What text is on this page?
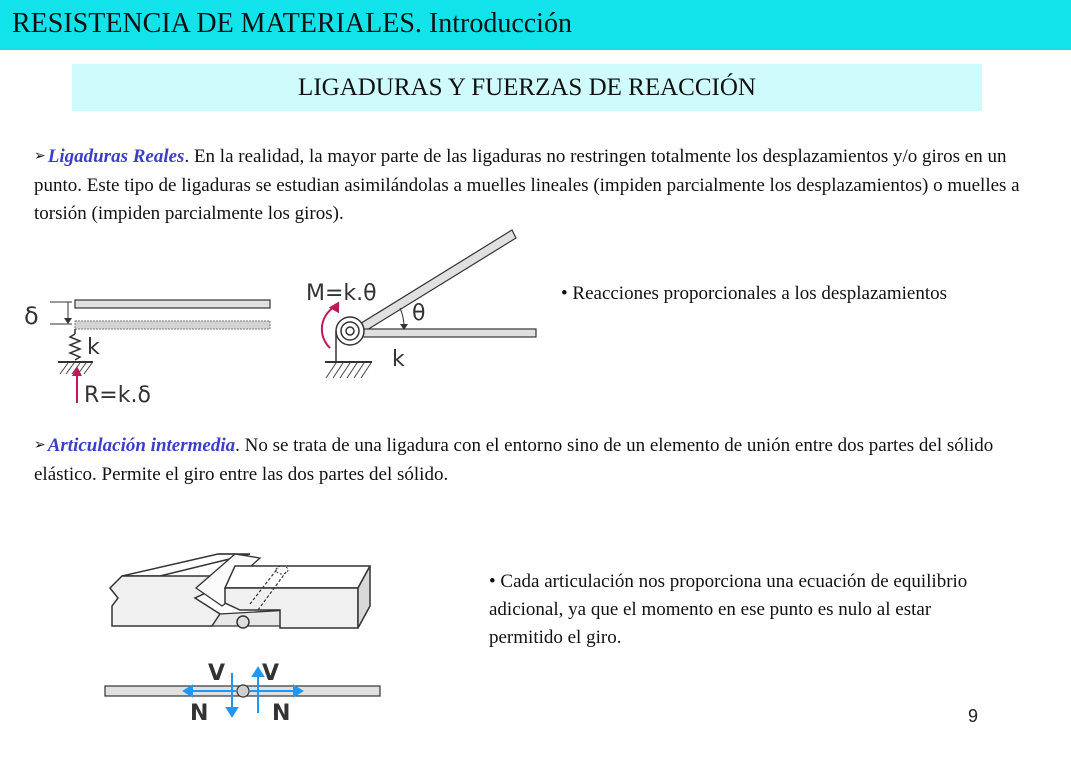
RESISTENCIA DE MATERIALES. Introducción
LIGADURAS Y FUERZAS DE REACCIÓN
➢ Ligaduras Reales. En la realidad, la mayor parte de las ligaduras no restringen totalmente los desplazamientos y/o giros en un punto. Este tipo de ligaduras se estudian asimilándolas a muelles lineales (impiden parcialmente los desplazamientos) o muelles a torsión (impiden parcialmente los giros).
δ
k
R=k.δ
M=k.θ
θ
k
• Reacciones proporcionales a los desplazamientos
➢ Articulación intermedia. No se trata de una ligadura con el entorno sino de un elemento de unión entre dos partes del sólido elástico. Permite el giro entre las dos partes del sólido.
V V
N	N
• Cada articulación nos proporciona una ecuación de equilibrio adicional, ya que el momento en ese punto es nulo al estar permitido el giro.
9
